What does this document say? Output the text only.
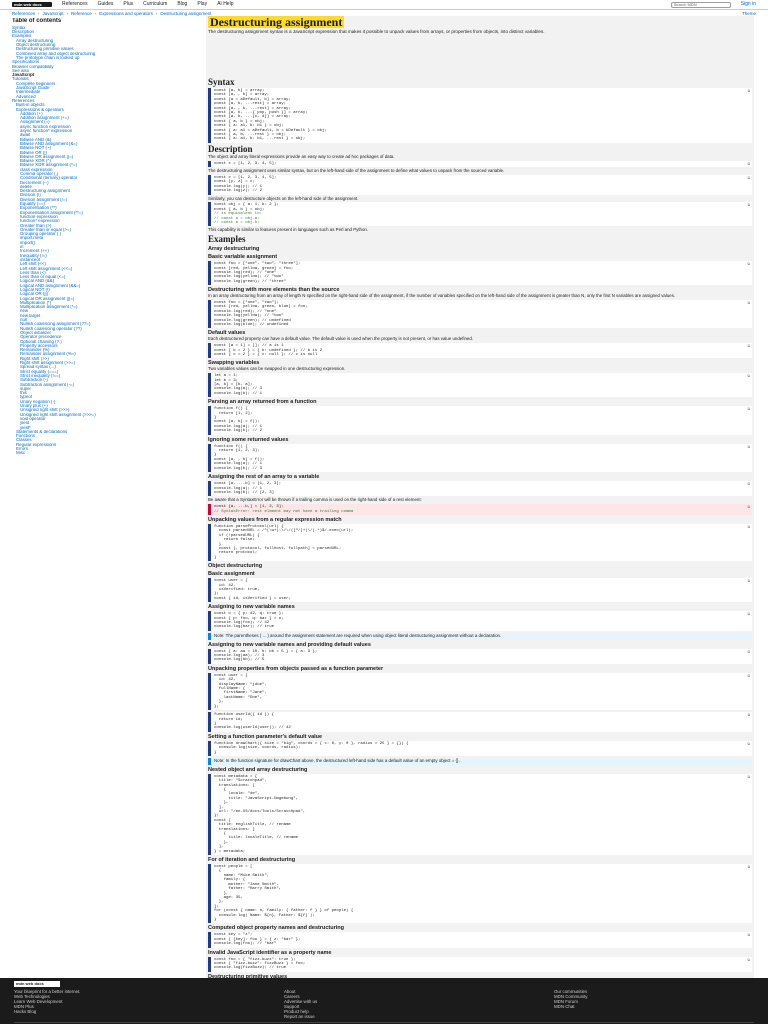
mdn web docs	References Guides Plus Curriculum Blog Play AI Help	Search MDN	Sign in
References › JavaScript › Reference › Expressions and operators › Destructuring assignment	Theme
Table of contents
Syntax
Description
Examples
Array destructuring
Object destructuring
Destructuring primitive values
Combined array and object destructuring
The prototype chain is looked up
Specifications
Browser compatibility
See also
JavaScript
Tutorials
Complete beginners
JavaScript Guide
Intermediate
Advanced
References
Built-in objects
Expressions & operators
Addition (+)
Addition assignment (+=)
Assignment (=)
async function expression
async function* expression
await
Bitwise AND (&)
Bitwise AND assignment (&=)
Bitwise NOT (~)
Bitwise OR (|)
Bitwise OR assignment (|=)
Bitwise XOR (^)
Bitwise XOR assignment (^=)
class expression
Comma operator (,)
Conditional (ternary) operator
Decrement (--)
delete
Destructuring assignment
Division (/)
Division assignment (/=)
Equality (==)
Exponentiation (**)
Exponentiation assignment (**=)
function expression
function* expression
Greater than (>)
Greater than or equal (>=)
Grouping operator ( )
import.meta
import()
in
Increment (++)
Inequality (!=)
instanceof
Left shift (<<)
Left shift assignment (<<=)
Less than (<)
Less than or equal (<=)
Logical AND (&&)
Logical AND assignment (&&=)
Logical NOT (!)
Logical OR (||)
Logical OR assignment (||=)
Multiplication (*)
Multiplication assignment (*=)
new
new.target
null
Nullish coalescing assignment (??=)
Nullish coalescing operator (??)
Object initializer
Operator precedence
Optional chaining (?.)
Property accessors
Remainder (%)
Remainder assignment (%=)
Right shift (>>)
Right shift assignment (>>=)
Spread syntax (...)
Strict equality (===)
Strict inequality (!==)
Subtraction (-)
Subtraction assignment (-=)
super
this
typeof
Unary negation (-)
Unary plus (+)
Unsigned right shift (>>>)
Unsigned right shift assignment (>>>=)
void operator
yield
yield*
Statements & declarations
Functions
Classes
Regular expressions
Errors
Misc
Destructuring assignment

The destructuring assignment syntax is a JavaScript expression that makes it possible to unpack values from arrays, or properties from objects, into distinct variables.

Syntax
const [a, b] = array;
const [a, , b] = array;
const [a = aDefault, b] = array;
const [a, b, ...rest] = array;
const [a, , b, ...rest] = array;
const [a, b, ...{ pop, push }] = array;
const [a, b, ...[c, d]] = array;
const { a, b } = obj;
const { a: a1, b: b1 } = obj;
const { a: a1 = aDefault, b = bDefault } = obj;
const { a, b, ...rest } = obj;
const { a: a1, b: b1, ...rest } = obj;
⧉
Description

The object and array literal expressions provide an easy way to create ad hoc packages of data.

const x = [1, 2, 3, 4, 5];	⧉

The destructuring assignment uses similar syntax, but on the left-hand side of the assignment to define what values to unpack from the sourced variable.

const x = [1, 2, 3, 4, 5];
const [y, z] = x;
console.log(y); // 1
console.log(z); // 2
⧉

Similarly, you can destructure objects on the left-hand side of the assignment.

const obj = { a: 1, b: 2 };
const { a, b } = obj;
// is equivalent to:
// const a = obj.a;
// const b = obj.b;
⧉

This capability is similar to features present in languages such as Perl and Python.

Examples
Array destructuring
Basic variable assignment
const foo = ["one", "two", "three"];
const [red, yellow, green] = foo;
console.log(red); // "one"
console.log(yellow); // "two"
console.log(green); // "three"
⧉
Destructuring with more elements than the source

In an array destructuring from an array of length N specified on the right-hand side of the assignment, if the number of variables specified on the left-hand side of the assignment is greater than N, only the first N variables are assigned values.

const foo = ["one", "two"];
const [red, yellow, green, blue] = foo;
console.log(red); // "one"
console.log(yellow); // "two"
console.log(green); // undefined
console.log(blue); // undefined
⧉
Default values

Each destructured property can have a default value. The default value is used when the property is not present, or has value undefined.

const [a = 1] = []; // a is 1
const { b = 2 } = { b: undefined }; // b is 2
const { c = 2 } = { c: null }; // c is null
⧉
Swapping variables

Two variables values can be swapped in one destructuring expression.

let a = 1;
let b = 3;
[a, b] = [b, a];
console.log(a); // 3
console.log(b); // 1
⧉
Parsing an array returned from a function
function f() {
return [1, 2];
}
const [a, b] = f();
console.log(a); // 1
console.log(b); // 2
⧉
Ignoring some returned values
function f() {
return [1, 2, 3];
}
const [a, , b] = f();
console.log(a); // 1
console.log(b); // 3
⧉
Assigning the rest of an array to a variable
const [a, ...b] = [1, 2, 3];
console.log(a); // 1
console.log(b); // [2, 3]
⧉

Be aware that a SyntaxError will be thrown if a trailing comma is used on the right-hand side of a rest element:

const [a, ...b,] = [1, 2, 3];
// SyntaxError: rest element may not have a trailing comma
⧉
Unpacking values from a regular expression match
function parseProtocol(url) {
const parsedURL = /^(\w+):\/\/([^/]+)\/(.*)$/.exec(url);
if (!parsedURL) {
return false;
}
const [, protocol, fullhost, fullpath] = parsedURL;
return protocol;
}
⧉
Object destructuring
Basic assignment
const user = {
id: 42,
isVerified: true,
};
const { id, isVerified } = user;
⧉
Assigning to new variable names
const o = { p: 42, q: true };
const { p: foo, q: bar } = o;
console.log(foo); // 42
console.log(bar); // true
⧉
Note: The parentheses ( ... ) around the assignment statement are required when using object literal destructuring assignment without a declaration.
Assigning to new variable names and providing default values
const { a: aa = 10, b: bb = 5 } = { a: 3 };
console.log(aa); // 3
console.log(bb); // 5
⧉
Unpacking properties from objects passed as a function parameter
const user = {
id: 42,
displayName: "jdoe",
fullName: {
firstName: "Jane",
lastName: "Doe",
},
};
⧉
function userId({ id }) {
return id;
}
console.log(userId(user)); // 42
⧉
Setting a function parameter's default value
function drawChart({ size = "big", coords = { x: 0, y: 0 }, radius = 25 } = {}) {
console.log(size, coords, radius);
}
⧉
Note: In the function signature for drawChart above, the destructured left-hand side has a default value of an empty object = {}.
Nested object and array destructuring
const metadata = {
title: "Scratchpad",
translations: [
{
locale: "de",
title: "JavaScript-Umgebung",
},
],
url: "/en-US/docs/Tools/Scratchpad",
};
const {
title: englishTitle, // rename
translations: [
{
title: localeTitle, // rename
},
],
} = metadata;
⧉
For of iteration and destructuring
const people = [
{
name: "Mike Smith",
family: {
mother: "Jane Smith",
father: "Harry Smith",
},
age: 35,
},
];
for (const { name: n, family: { father: f } } of people) {
console.log(`Name: ${n}, Father: ${f}`);
}
⧉
Computed object property names and destructuring
const key = "z";
const { [key]: foo } = { z: "bar" };
console.log(foo); // "bar"
⧉
Invalid JavaScript identifier as a property name
const foo = { "fizz-buzz": true };
const { "fizz-buzz": fizzBuzz } = foo;
console.log(fizzBuzz); // true
⧉
Destructuring primitive values

mdn web docs
Your blueprint for a better internet.
Web Technologies
Learn Web Development
MDN Plus
Hacks Blog
About
Careers
Advertise with us
Support
Product help
Report an issue
Our communities
MDN Community
MDN Forum
MDN Chat
